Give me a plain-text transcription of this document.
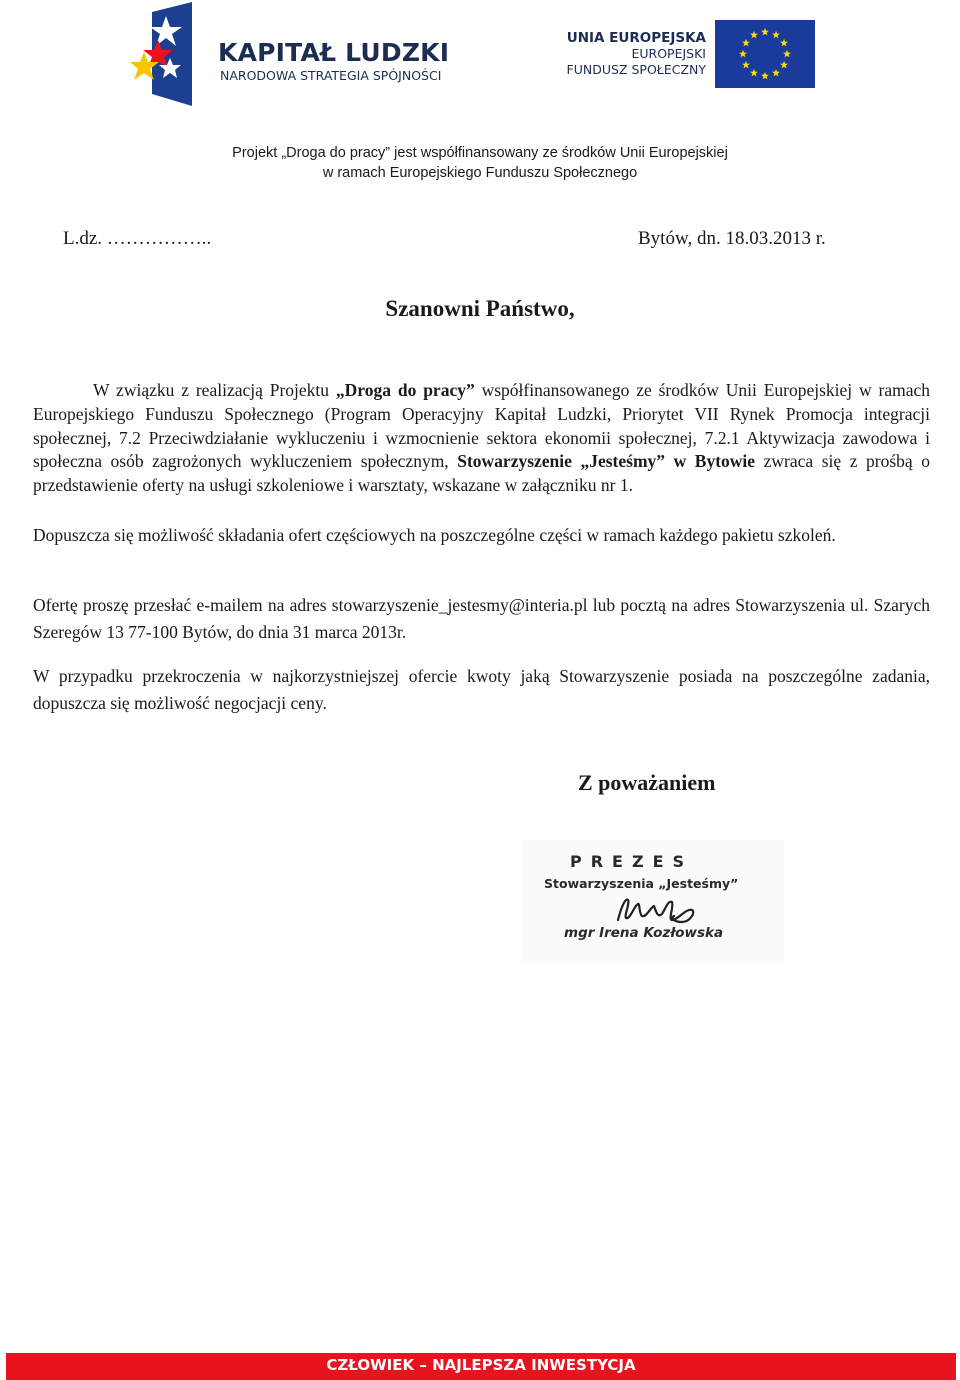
KAPITAŁ LUDZKI
NARODOWA STRATEGIA SPÓJNOŚCI
UNIA EUROPEJSKA
EUROPEJSKI
FUNDUSZ SPOŁECZNY
Projekt „Droga do pracy” jest współfinansowany ze środków Unii Europejskiej
w ramach Europejskiego Funduszu Społecznego
L.dz. ……………..	Bytów, dn. 18.03.2013 r.
Szanowni Państwo,
W związku z realizacją Projektu „Droga do pracy” współfinansowanego ze środków Unii Europejskiej w ramach Europejskiego Funduszu Społecznego (Program Operacyjny Kapitał Ludzki, Priorytet VII Rynek Promocja integracji społecznej, 7.2 Przeciwdziałanie wykluczeniu i wzmocnienie sektora ekonomii społecznej, 7.2.1 Aktywizacja zawodowa i społeczna osób zagrożonych wykluczeniem społecznym, Stowarzyszenie „Jesteśmy” w Bytowie zwraca się z prośbą o przedstawienie oferty na usługi szkoleniowe i warsztaty, wskazane w załączniku nr 1.
Dopuszcza się możliwość składania ofert częściowych na poszczególne części w ramach każdego pakietu szkoleń.
Ofertę proszę przesłać e-mailem na adres stowarzyszenie_jestesmy@interia.pl lub pocztą na adres Stowarzyszenia ul. Szarych Szeregów 13 77-100 Bytów, do dnia 31 marca 2013r.
W przypadku przekroczenia w najkorzystniejszej ofercie kwoty jaką Stowarzyszenie posiada na poszczególne zadania, dopuszcza się możliwość negocjacji ceny.
Z poważaniem
PREZES
Stowarzyszenia „Jesteśmy”
mgr Irena Kozłowska
CZŁOWIEK – NAJLEPSZA INWESTYCJA
